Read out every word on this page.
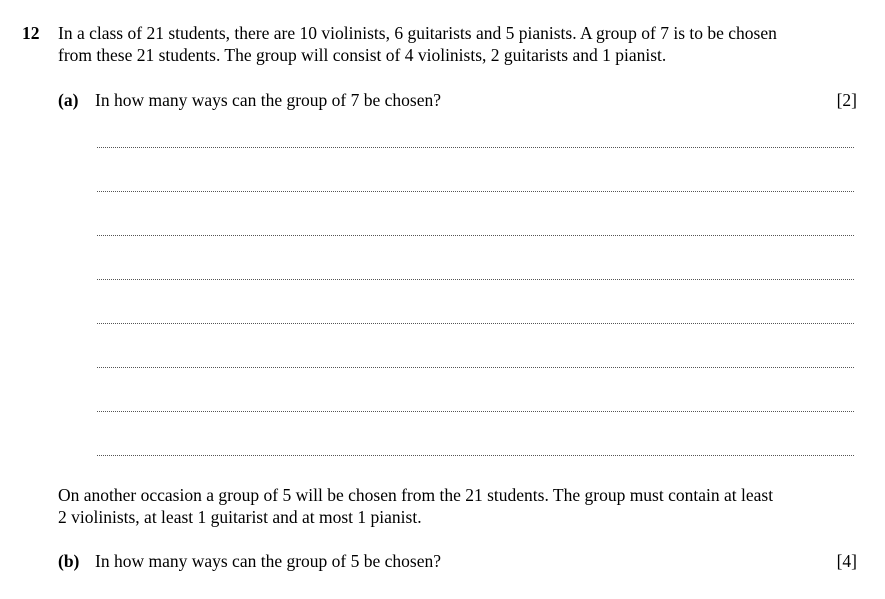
12 In a class of 21 students, there are 10 violinists, 6 guitarists and 5 pianists. A group of 7 is to be chosen
from these 21 students. The group will consist of 4 violinists, 2 guitarists and 1 pianist.
(a) In how many ways can the group of 7 be chosen?	[2]
On another occasion a group of 5 will be chosen from the 21 students. The group must contain at least
2 violinists, at least 1 guitarist and at most 1 pianist.
(b) In how many ways can the group of 5 be chosen?	[4]
